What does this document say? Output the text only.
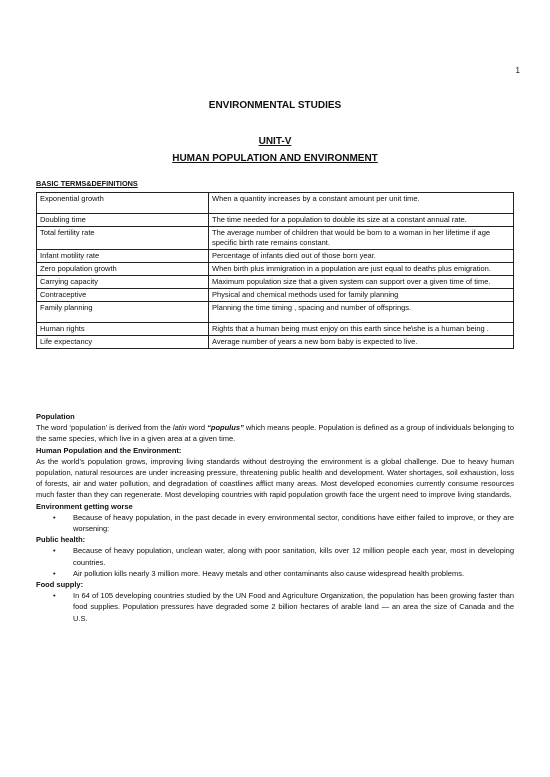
1
ENVIRONMENTAL STUDIES
UNIT-V
HUMAN POPULATION AND ENVIRONMENT
BASIC TERMS&DEFINITIONS
Exponential growth	When a quantity increases by a constant amount per unit time.
Doubling time	The time needed for a population to double its size at a constant annual rate.
Total fertility rate	The average number of children that would be born to a woman in her lifetime if age specific birth rate remains constant.
Infant motility rate	Percentage of infants died out of those born year.
Zero population growth	When birth plus immigration in a population are just equal to deaths plus emigration.
Carrying capacity	Maximum population size that a given system can support over a given time of time.
Contraceptive	Physical and chemical methods used for family planning
Family planning	Planning the time timing , spacing and number of offsprings.
Human rights	Rights that a human being must enjoy on this earth since he\she is a human being .
Life expectancy	Average number of years a new born baby is expected to live.

Population

The word ‘population’ is derived from the latin word “populus” which means people. Population is defined as a group of individuals belonging to the same species, which live in a given area at a given time.

Human Population and the Environment:

As the world’s population grows, improving living standards without destroying the environment is a global challenge. Due to heavy human population, natural resources are under increasing pressure, threatening public health and development. Water shortages, soil exhaustion, loss of forests, air and water pollution, and degradation of coastlines afflict many areas. Most developed economies currently consume resources much faster than they can regenerate. Most developing countries with rapid population growth face the urgent need to improve living standards.

Environment getting worse

• Because of heavy population, in the past decade in every environmental sector, conditions have either failed to improve, or they are worsening:

Public health:

• Because of heavy population, unclean water, along with poor sanitation, kills over 12 million people each year, most in developing countries.
• Air pollution kills nearly 3 million more. Heavy metals and other contaminants also cause widespread health problems.

Food supply:

• In 64 of 105 developing countries studied by the UN Food and Agriculture Organization, the population has been growing faster than food supplies. Population pressures have degraded some 2 billion hectares of arable land — an area the size of Canada and the U.S.
